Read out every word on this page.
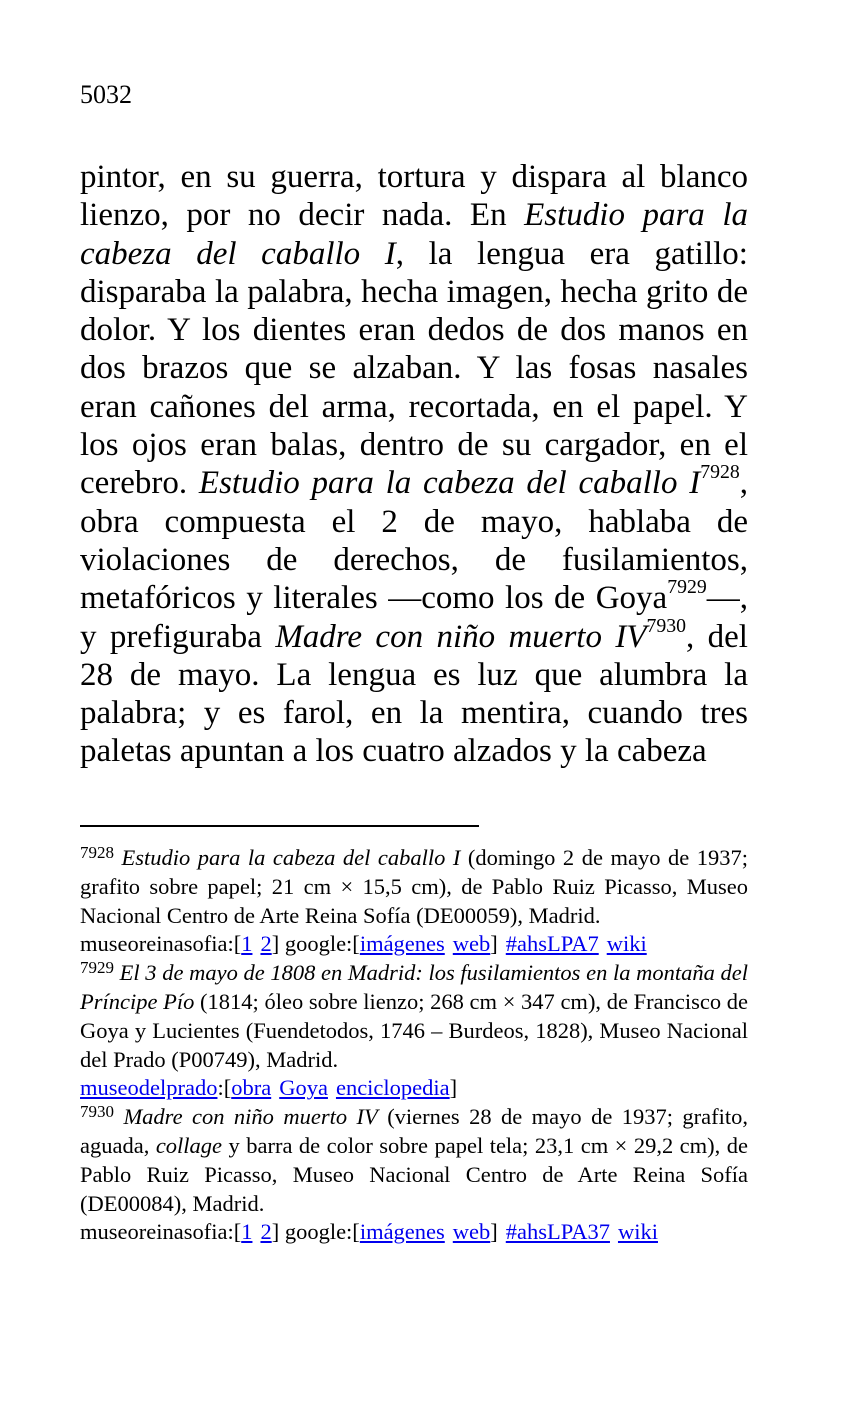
5032
pintor, en su guerra, tortura y dispara al blanco lienzo, por no decir nada. En Estudio para la cabeza del caballo I, la lengua era gatillo: disparaba la palabra, hecha imagen, hecha grito de dolor. Y los dientes eran dedos de dos manos en dos brazos que se alzaban. Y las fosas nasales eran cañones del arma, recortada, en el papel. Y los ojos eran balas, dentro de su cargador, en el cerebro. Estudio para la cabeza del caballo $I^{7928}$, obra compuesta el 2 de mayo, hablaba de violaciones de derechos, de fusilamientos, metafóricos y literales —como los de Goya$^{7929}$—, y prefiguraba Madre con niño muerto $IV^{7930}$, del 28 de mayo. La lengua es luz que alumbra la palabra; y es farol, en la mentira, cuando tres paletas apuntan a los cuatro alzados y la cabeza

$^{7928}$ Estudio para la cabeza del caballo I (domingo 2 de mayo de 1937; grafito sobre papel; 21 cm × 15,5 cm), de Pablo Ruiz Picasso, Museo Nacional Centro de Arte Reina Sofía (DE00059), Madrid.

museoreinasofia:[1 2] google:[imágenes web] #ahsLPA7 wiki

$^{7929}$ El 3 de mayo de 1808 en Madrid: los fusilamientos en la montaña del Príncipe Pío (1814; óleo sobre lienzo; 268 cm × 347 cm), de Francisco de Goya y Lucientes (Fuendetodos, 1746 – Burdeos, 1828), Museo Nacional del Prado (P00749), Madrid.

museodelprado:[obra Goya enciclopedia]

$^{7930}$ Madre con niño muerto IV (viernes 28 de mayo de 1937; grafito, aguada, collage y barra de color sobre papel tela; 23,1 cm × 29,2 cm), de Pablo Ruiz Picasso, Museo Nacional Centro de Arte Reina Sofía (DE00084), Madrid.

museoreinasofia:[1 2] google:[imágenes web] #ahsLPA37 wiki
